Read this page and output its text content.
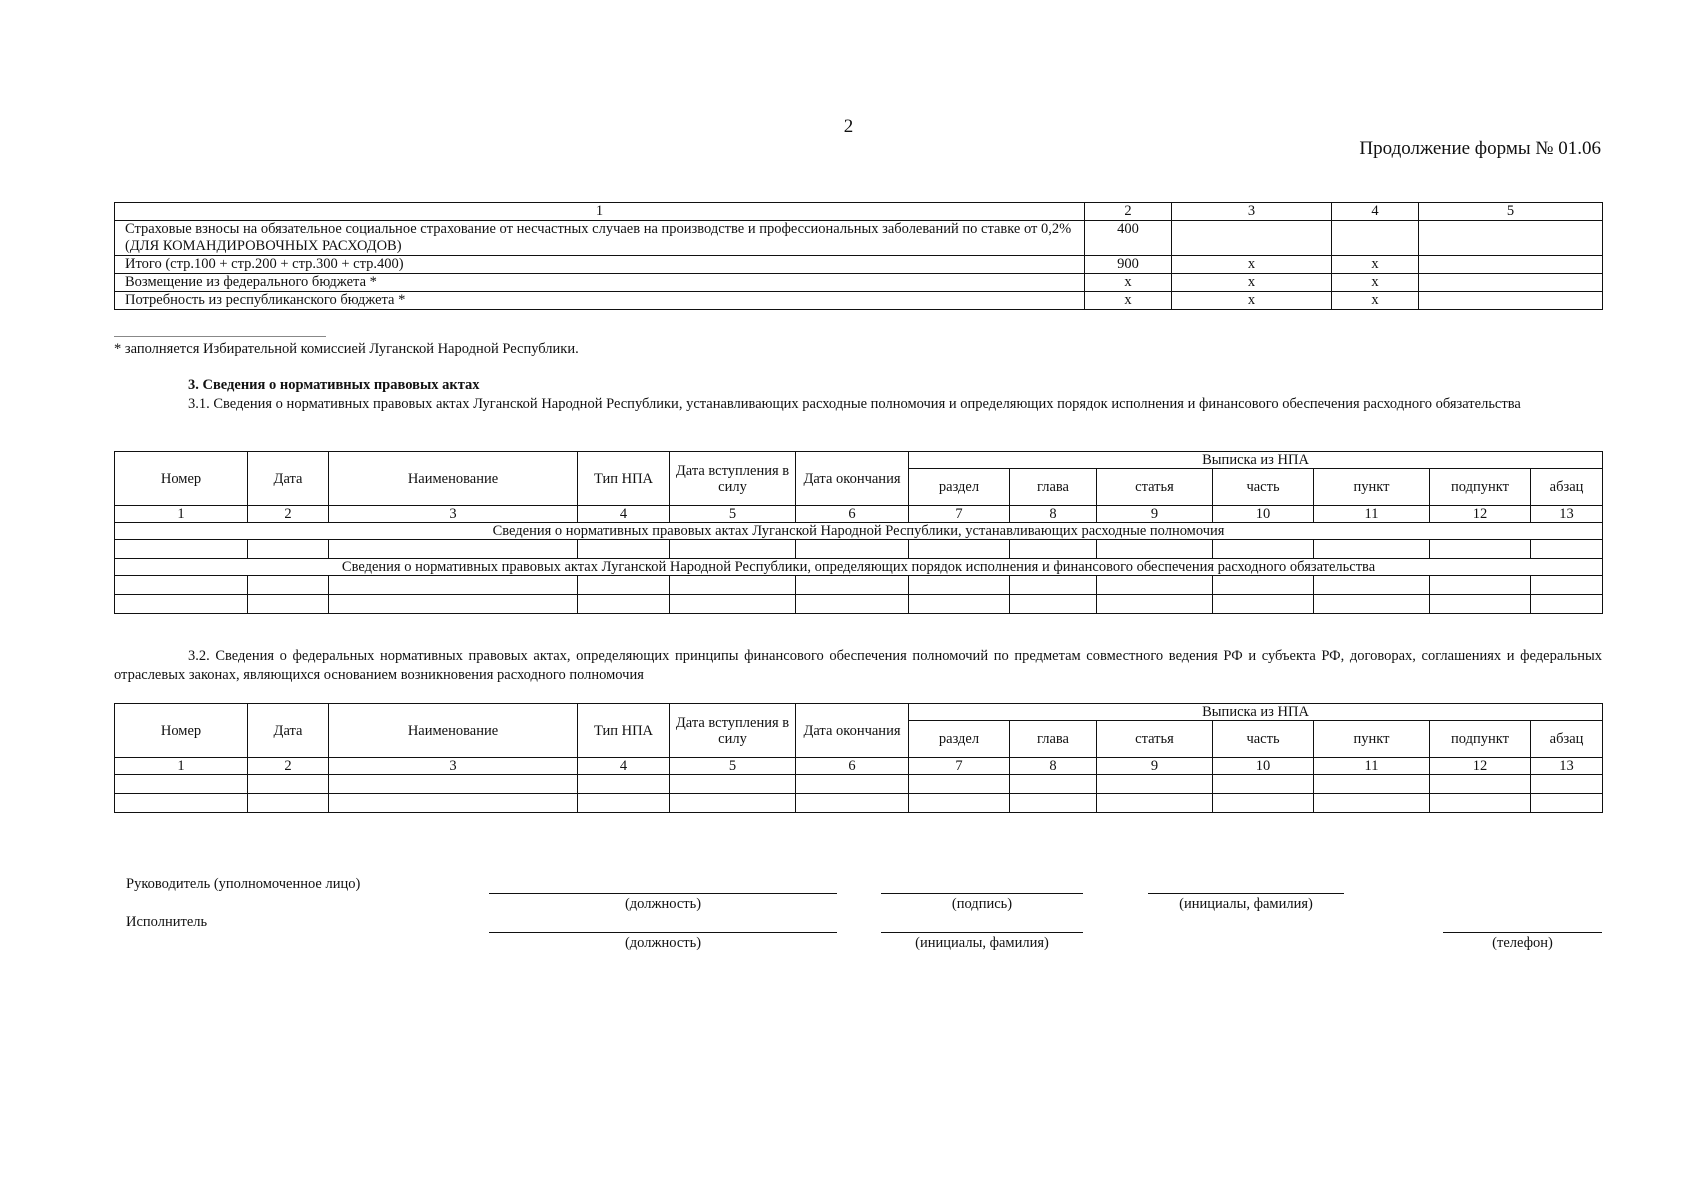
2
Продолжение формы № 01.06
1	2	3	4	5
Страховые взносы на обязательное социальное страхование от несчастных случаев на производстве и профессиональных заболеваний по ставке от 0,2% (ДЛЯ КОМАНДИРОВОЧНЫХ РАСХОДОВ)	400			
Итого (стр.100 + стр.200 + стр.300 + стр.400)	900	х	х	
Возмещение из федерального бюджета *	х	х	х	
Потребность из республиканского бюджета *	х	х	х	
* заполняется Избирательной комиссией Луганской Народной Республики.
3. Сведения о нормативных правовых актах
3.1. Сведения о нормативных правовых актах Луганской Народной Республики, устанавливающих расходные полномочия и определяющих порядок исполнения и финансового обеспечения расходного обязательства
Номер	Дата	Наименование	Тип НПА	Дата вступления в силу	Дата окончания	Выписка из НПА						
						раздел	глава	статья	часть	пункт	подпункт	абзац
1	2	3	4	5	6	7	8	9	10	11	12	13
Сведения о нормативных правовых актах Луганской Народной Республики, устанавливающих расходные полномочия												

Сведения о нормативных правовых актах Луганской Народной Республики, определяющих порядок исполнения и финансового обеспечения расходного обязательства												

3.2. Сведения о федеральных нормативных правовых актах, определяющих принципы финансового обеспечения полномочий по предметам совместного ведения РФ и субъекта РФ, договорах, соглашениях и федеральных отраслевых законах, являющихся основанием возникновения расходного полномочия
Номер	Дата	Наименование	Тип НПА	Дата вступления в силу	Дата окончания	Выписка из НПА						
						раздел	глава	статья	часть	пункт	подпункт	абзац
1	2	3	4	5	6	7	8	9	10	11	12	13

Руководитель (уполномоченное лицо)
(должность)	(подпись)	(инициалы, фамилия)
Исполнитель
(должность)	(инициалы, фамилия)	(телефон)
